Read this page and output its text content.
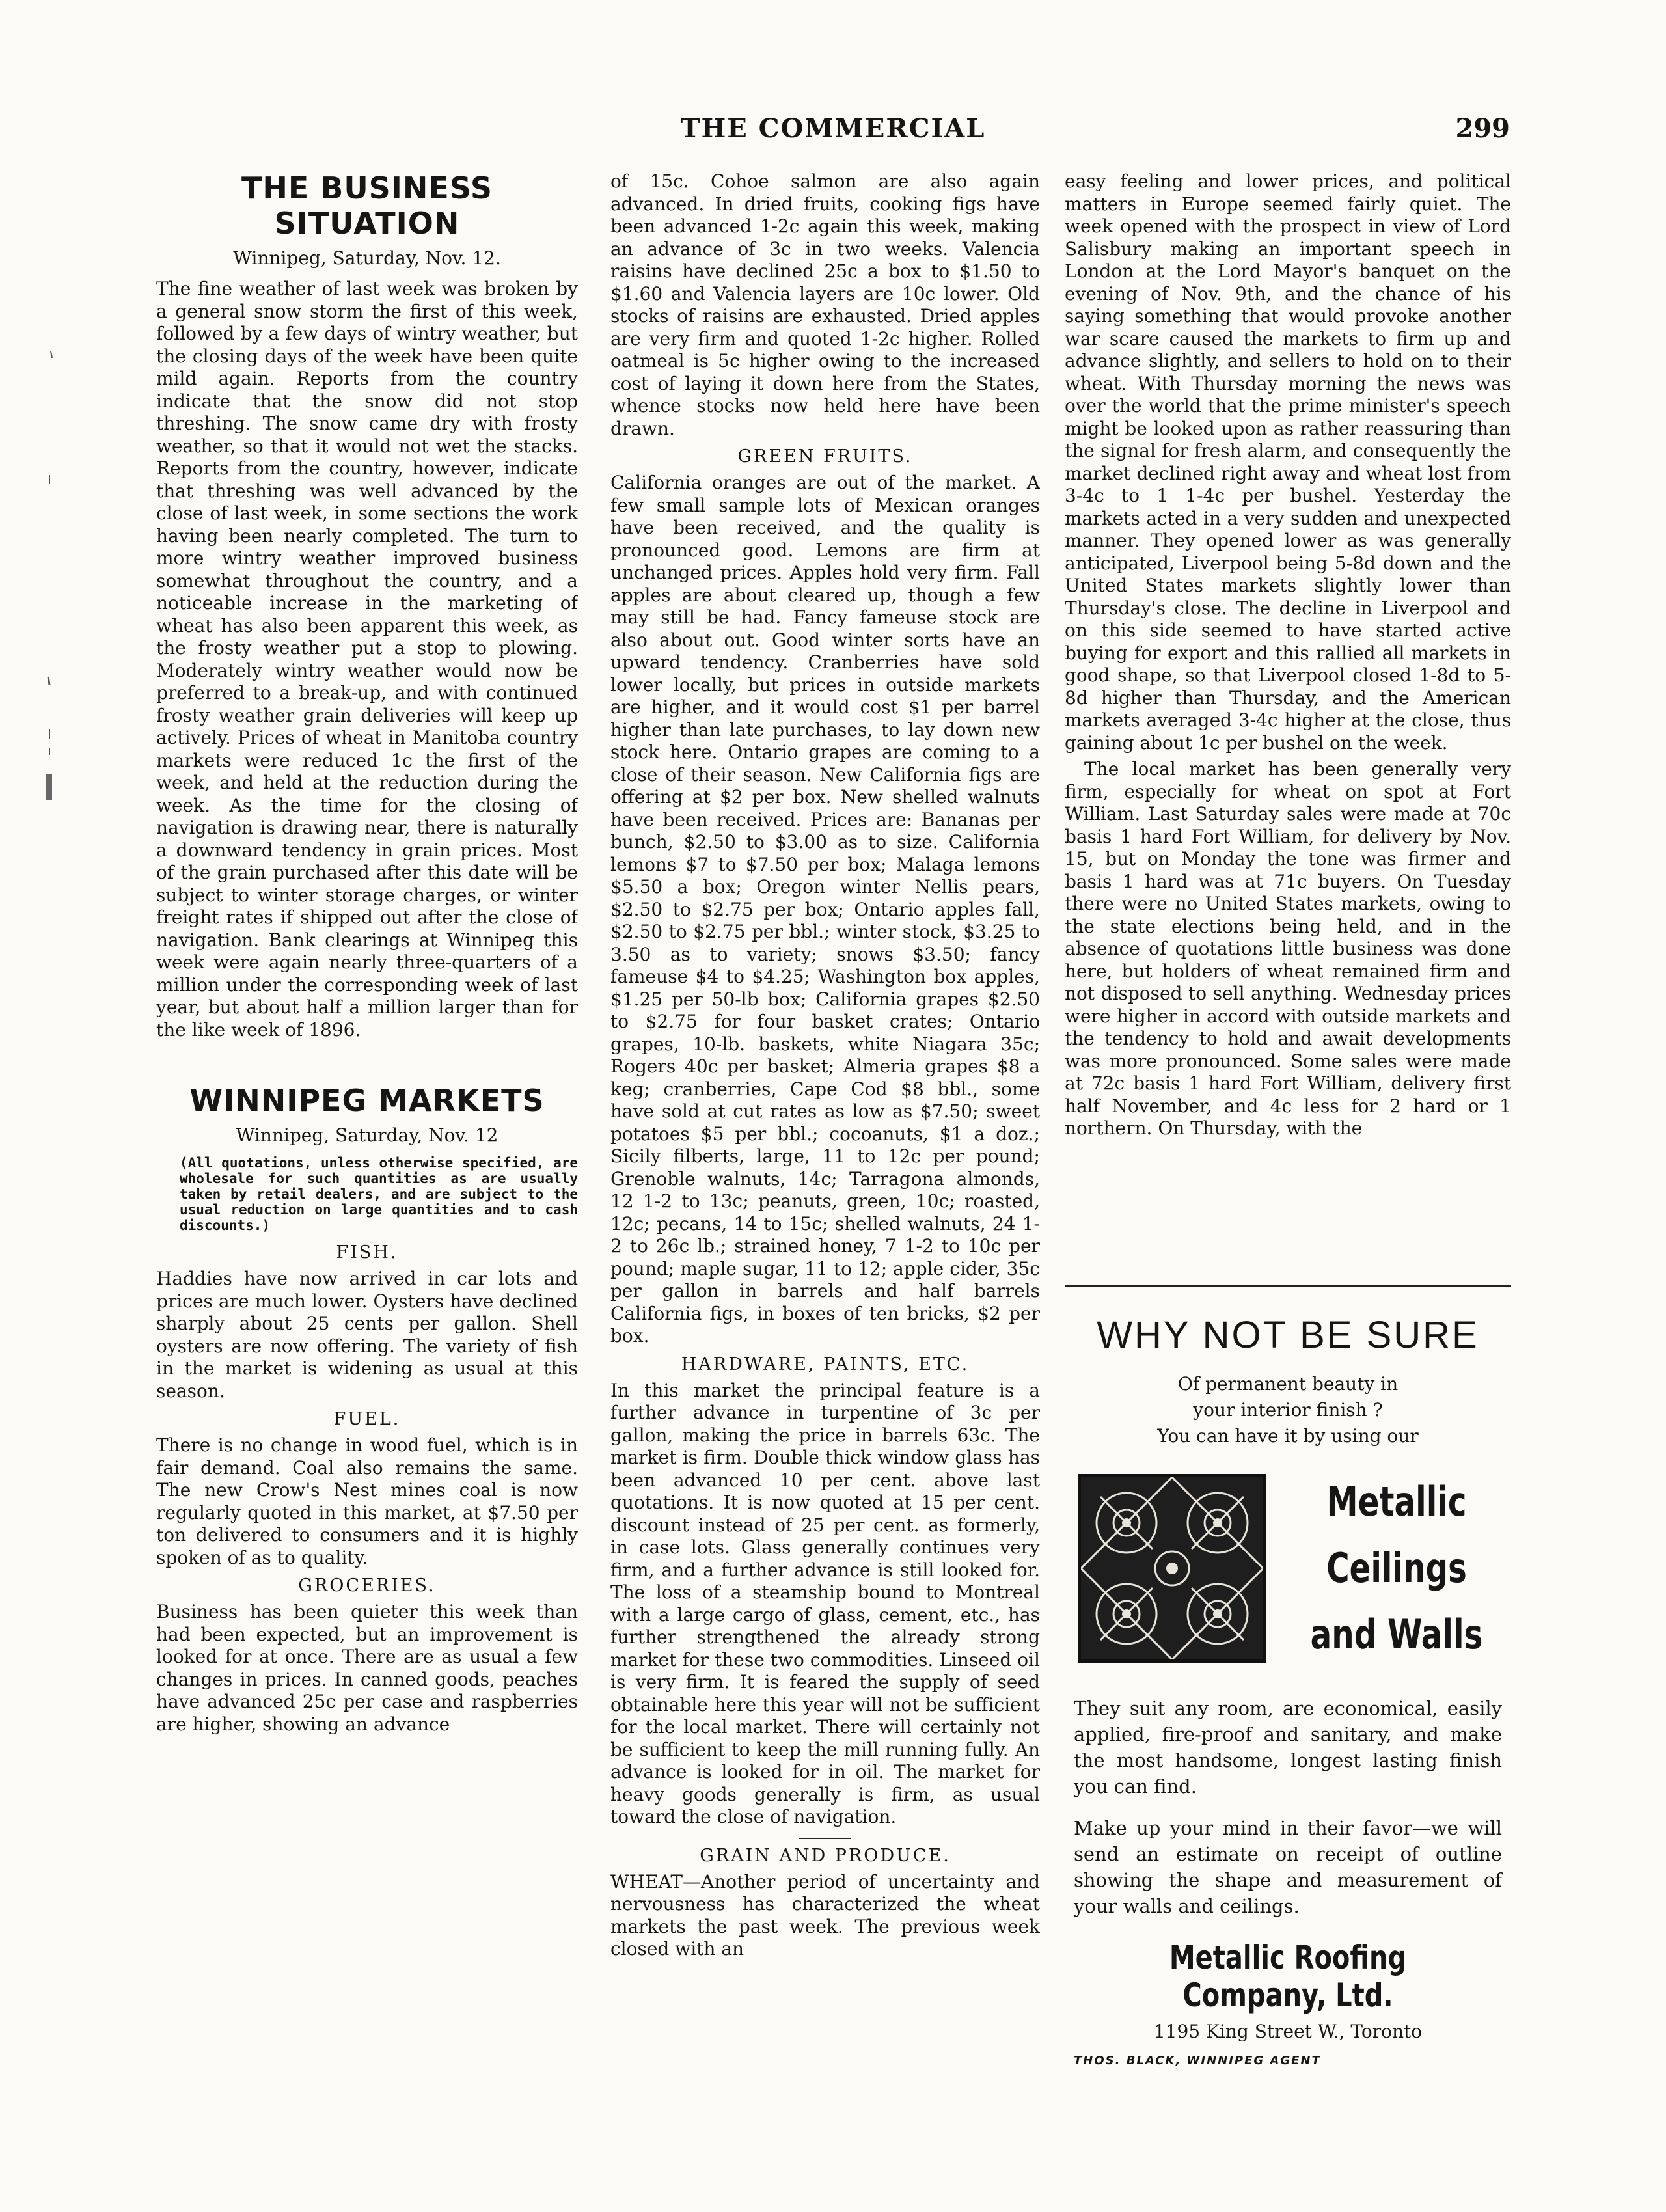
THE COMMERCIAL	299
THE BUSINESS SITUATION
Winnipeg, Saturday, Nov. 12.

The fine weather of last week was broken by a general snow storm the first of this week, followed by a few days of wintry weather, but the closing days of the week have been quite mild again. Reports from the country indicate that the snow did not stop threshing. The snow came dry with frosty weather, so that it would not wet the stacks. Reports from the country, however, indicate that threshing was well advanced by the close of last week, in some sections the work having been nearly completed. The turn to more wintry weather improved business somewhat throughout the country, and a noticeable increase in the marketing of wheat has also been apparent this week, as the frosty weather put a stop to plowing. Moderately wintry weather would now be preferred to a break-up, and with continued frosty weather grain deliveries will keep up actively. Prices of wheat in Manitoba country markets were reduced 1c the first of the week, and held at the reduction during the week. As the time for the closing of navigation is drawing near, there is naturally a downward tendency in grain prices. Most of the grain purchased after this date will be subject to winter storage charges, or winter freight rates if shipped out after the close of navigation. Bank clearings at Winnipeg this week were again nearly three-quarters of a million under the corresponding week of last year, but about half a million larger than for the like week of 1896.

WINNIPEG MARKETS
Winnipeg, Saturday, Nov. 12
(All quotations, unless otherwise specified, are wholesale for such quantities as are usually taken by retail dealers, and are subject to the usual reduction on large quantities and to cash discounts.)
FISH.

Haddies have now arrived in car lots and prices are much lower. Oysters have declined sharply about 25 cents per gallon. Shell oysters are now offering. The variety of fish in the market is widening as usual at this season.

FUEL.

There is no change in wood fuel, which is in fair demand. Coal also remains the same. The new Crow's Nest mines coal is now regularly quoted in this market, at $7.50 per ton delivered to consumers and it is highly spoken of as to quality.

GROCERIES.

Business has been quieter this week than had been expected, but an improvement is looked for at once. There are as usual a few changes in prices. In canned goods, peaches have advanced 25c per case and raspberries are higher, showing an advance

of 15c. Cohoe salmon are also again advanced. In dried fruits, cooking figs have been advanced 1-2c again this week, making an advance of 3c in two weeks. Valencia raisins have declined 25c a box to $1.50 to $1.60 and Valencia layers are 10c lower. Old stocks of raisins are exhausted. Dried apples are very firm and quoted 1-2c higher. Rolled oatmeal is 5c higher owing to the increased cost of laying it down here from the States, whence stocks now held here have been drawn.

GREEN FRUITS.

California oranges are out of the market. A few small sample lots of Mexican oranges have been received, and the quality is pronounced good. Lemons are firm at unchanged prices. Apples hold very firm. Fall apples are about cleared up, though a few may still be had. Fancy fameuse stock are also about out. Good winter sorts have an upward tendency. Cranberries have sold lower locally, but prices in outside markets are higher, and it would cost $1 per barrel higher than late purchases, to lay down new stock here. Ontario grapes are coming to a close of their season. New California figs are offering at $2 per box. New shelled walnuts have been received. Prices are: Bananas per bunch, $2.50 to $3.00 as to size. California lemons $7 to $7.50 per box; Malaga lemons $5.50 a box; Oregon winter Nellis pears, $2.50 to $2.75 per box; Ontario apples fall, $2.50 to $2.75 per bbl.; winter stock, $3.25 to 3.50 as to variety; snows $3.50; fancy fameuse $4 to $4.25; Washington box apples, $1.25 per 50-lb box; California grapes $2.50 to $2.75 for four basket crates; Ontario grapes, 10-lb. baskets, white Niagara 35c; Rogers 40c per basket; Almeria grapes $8 a keg; cranberries, Cape Cod $8 bbl., some have sold at cut rates as low as $7.50; sweet potatoes $5 per bbl.; cocoanuts, $1 a doz.; Sicily filberts, large, 11 to 12c per pound; Grenoble walnuts, 14c; Tarragona almonds, 12 1-2 to 13c; peanuts, green, 10c; roasted, 12c; pecans, 14 to 15c; shelled walnuts, 24 1-2 to 26c lb.; strained honey, 7 1-2 to 10c per pound; maple sugar, 11 to 12; apple cider, 35c per gallon in barrels and half barrels California figs, in boxes of ten bricks, $2 per box.

HARDWARE, PAINTS, ETC.

In this market the principal feature is a further advance in turpentine of 3c per gallon, making the price in barrels 63c. The market is firm. Double thick window glass has been advanced 10 per cent. above last quotations. It is now quoted at 15 per cent. discount instead of 25 per cent. as formerly, in case lots. Glass generally continues very firm, and a further advance is still looked for. The loss of a steamship bound to Montreal with a large cargo of glass, cement, etc., has further strengthened the already strong market for these two commodities. Linseed oil is very firm. It is feared the supply of seed obtainable here this year will not be sufficient for the local market. There will certainly not be sufficient to keep the mill running fully. An advance is looked for in oil. The market for heavy goods generally is firm, as usual toward the close of navigation.

GRAIN AND PRODUCE.

WHEAT—Another period of uncertainty and nervousness has characterized the wheat markets the past week. The previous week closed with an

easy feeling and lower prices, and political matters in Europe seemed fairly quiet. The week opened with the prospect in view of Lord Salisbury making an important speech in London at the Lord Mayor's banquet on the evening of Nov. 9th, and the chance of his saying something that would provoke another war scare caused the markets to firm up and advance slightly, and sellers to hold on to their wheat. With Thursday morning the news was over the world that the prime minister's speech might be looked upon as rather reassuring than the signal for fresh alarm, and consequently the market declined right away and wheat lost from 3-4c to 1 1-4c per bushel. Yesterday the markets acted in a very sudden and unexpected manner. They opened lower as was generally anticipated, Liverpool being 5-8d down and the United States markets slightly lower than Thursday's close. The decline in Liverpool and on this side seemed to have started active buying for export and this rallied all markets in good shape, so that Liverpool closed 1-8d to 5-8d higher than Thursday, and the American markets averaged 3-4c higher at the close, thus gaining about 1c per bushel on the week.

The local market has been generally very firm, especially for wheat on spot at Fort William. Last Saturday sales were made at 70c basis 1 hard Fort William, for delivery by Nov. 15, but on Monday the tone was firmer and basis 1 hard was at 71c buyers. On Tuesday there were no United States markets, owing to the state elections being held, and in the absence of quotations little business was done here, but holders of wheat remained firm and not disposed to sell anything. Wednesday prices were higher in accord with outside markets and the tendency to hold and await developments was more pronounced. Some sales were made at 72c basis 1 hard Fort William, delivery first half November, and 4c less for 2 hard or 1 northern. On Thursday, with the

WHY NOT BE SURE
Of permanent beauty in
your interior finish ?
You can have it by using our
Metallic
Ceilings
and Walls

They suit any room, are economical, easily applied, fire-proof and sanitary, and make the most handsome, longest lasting finish you can find.

Make up your mind in their favor—we will send an estimate on receipt of outline showing the shape and measurement of your walls and ceilings.

Metallic Roofing Company, Ltd.
1195 King Street W., Toronto
THOS. BLACK, WINNIPEG AGENT
